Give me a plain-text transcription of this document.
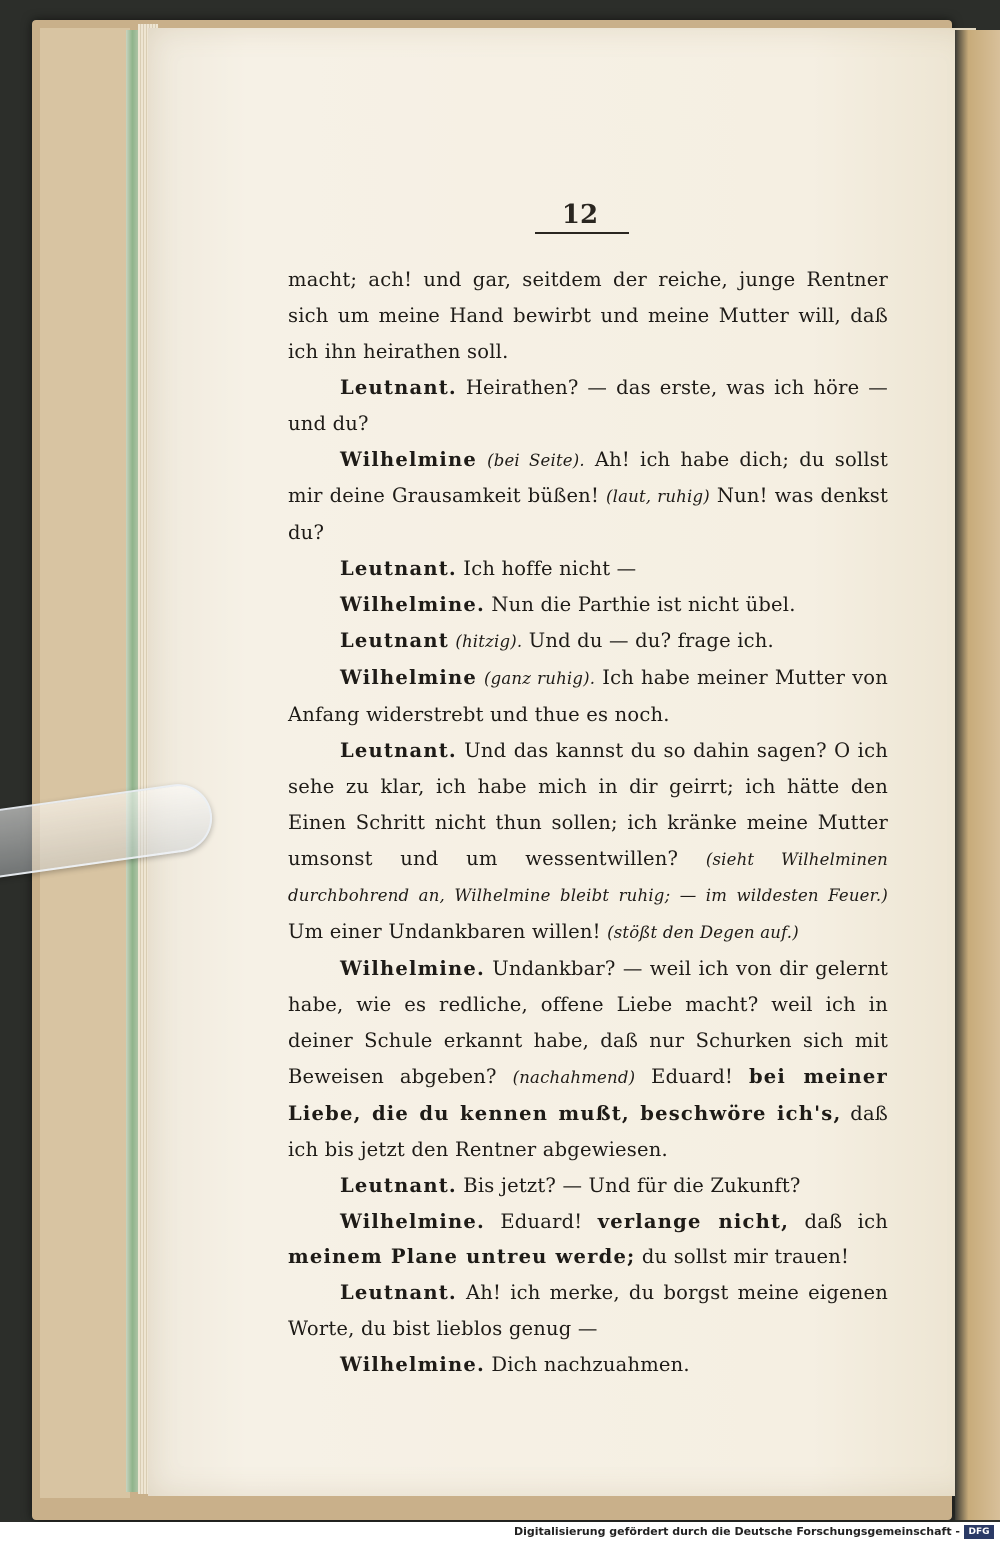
12

macht; ach! und gar, seitdem der reiche, junge Rentner sich um meine Hand bewirbt und meine Mutter will, daß ich ihn heirathen soll.

Leutnant. Heirathen? — das erste, was ich höre — und du?

Wilhelmine (bei Seite). Ah! ich habe dich; du sollst mir deine Grausamkeit büßen! (laut, ruhig) Nun! was denkst du?

Leutnant. Ich hoffe nicht —

Wilhelmine. Nun die Parthie ist nicht übel.

Leutnant (hitzig). Und du — du? frage ich.

Wilhelmine (ganz ruhig). Ich habe meiner Mutter von Anfang widerstrebt und thue es noch.

Leutnant. Und das kannst du so dahin sagen? O ich sehe zu klar, ich habe mich in dir geirrt; ich hätte den Einen Schritt nicht thun sollen; ich kränke meine Mutter umsonst und um wessentwillen? (sieht Wilhelminen durchbohrend an, Wilhelmine bleibt ruhig; — im wildesten Feuer.) Um einer Undankbaren willen! (stößt den Degen auf.)

Wilhelmine. Undankbar? — weil ich von dir gelernt habe, wie es redliche, offene Liebe macht? weil ich in deiner Schule erkannt habe, daß nur Schurken sich mit Beweisen abgeben? (nachahmend) Eduard! bei meiner Liebe, die du kennen mußt, beschwöre ich's, daß ich bis jetzt den Rentner abgewiesen.

Leutnant. Bis jetzt? — Und für die Zukunft?

Wilhelmine. Eduard! verlange nicht, daß ich meinem Plane untreu werde; du sollst mir trauen!

Leutnant. Ah! ich merke, du borgst meine eigenen Worte, du bist lieblos genug —

Wilhelmine. Dich nachzuahmen.

Digitalisierung gefördert durch die Deutsche Forschungsgemeinschaft - DFG
